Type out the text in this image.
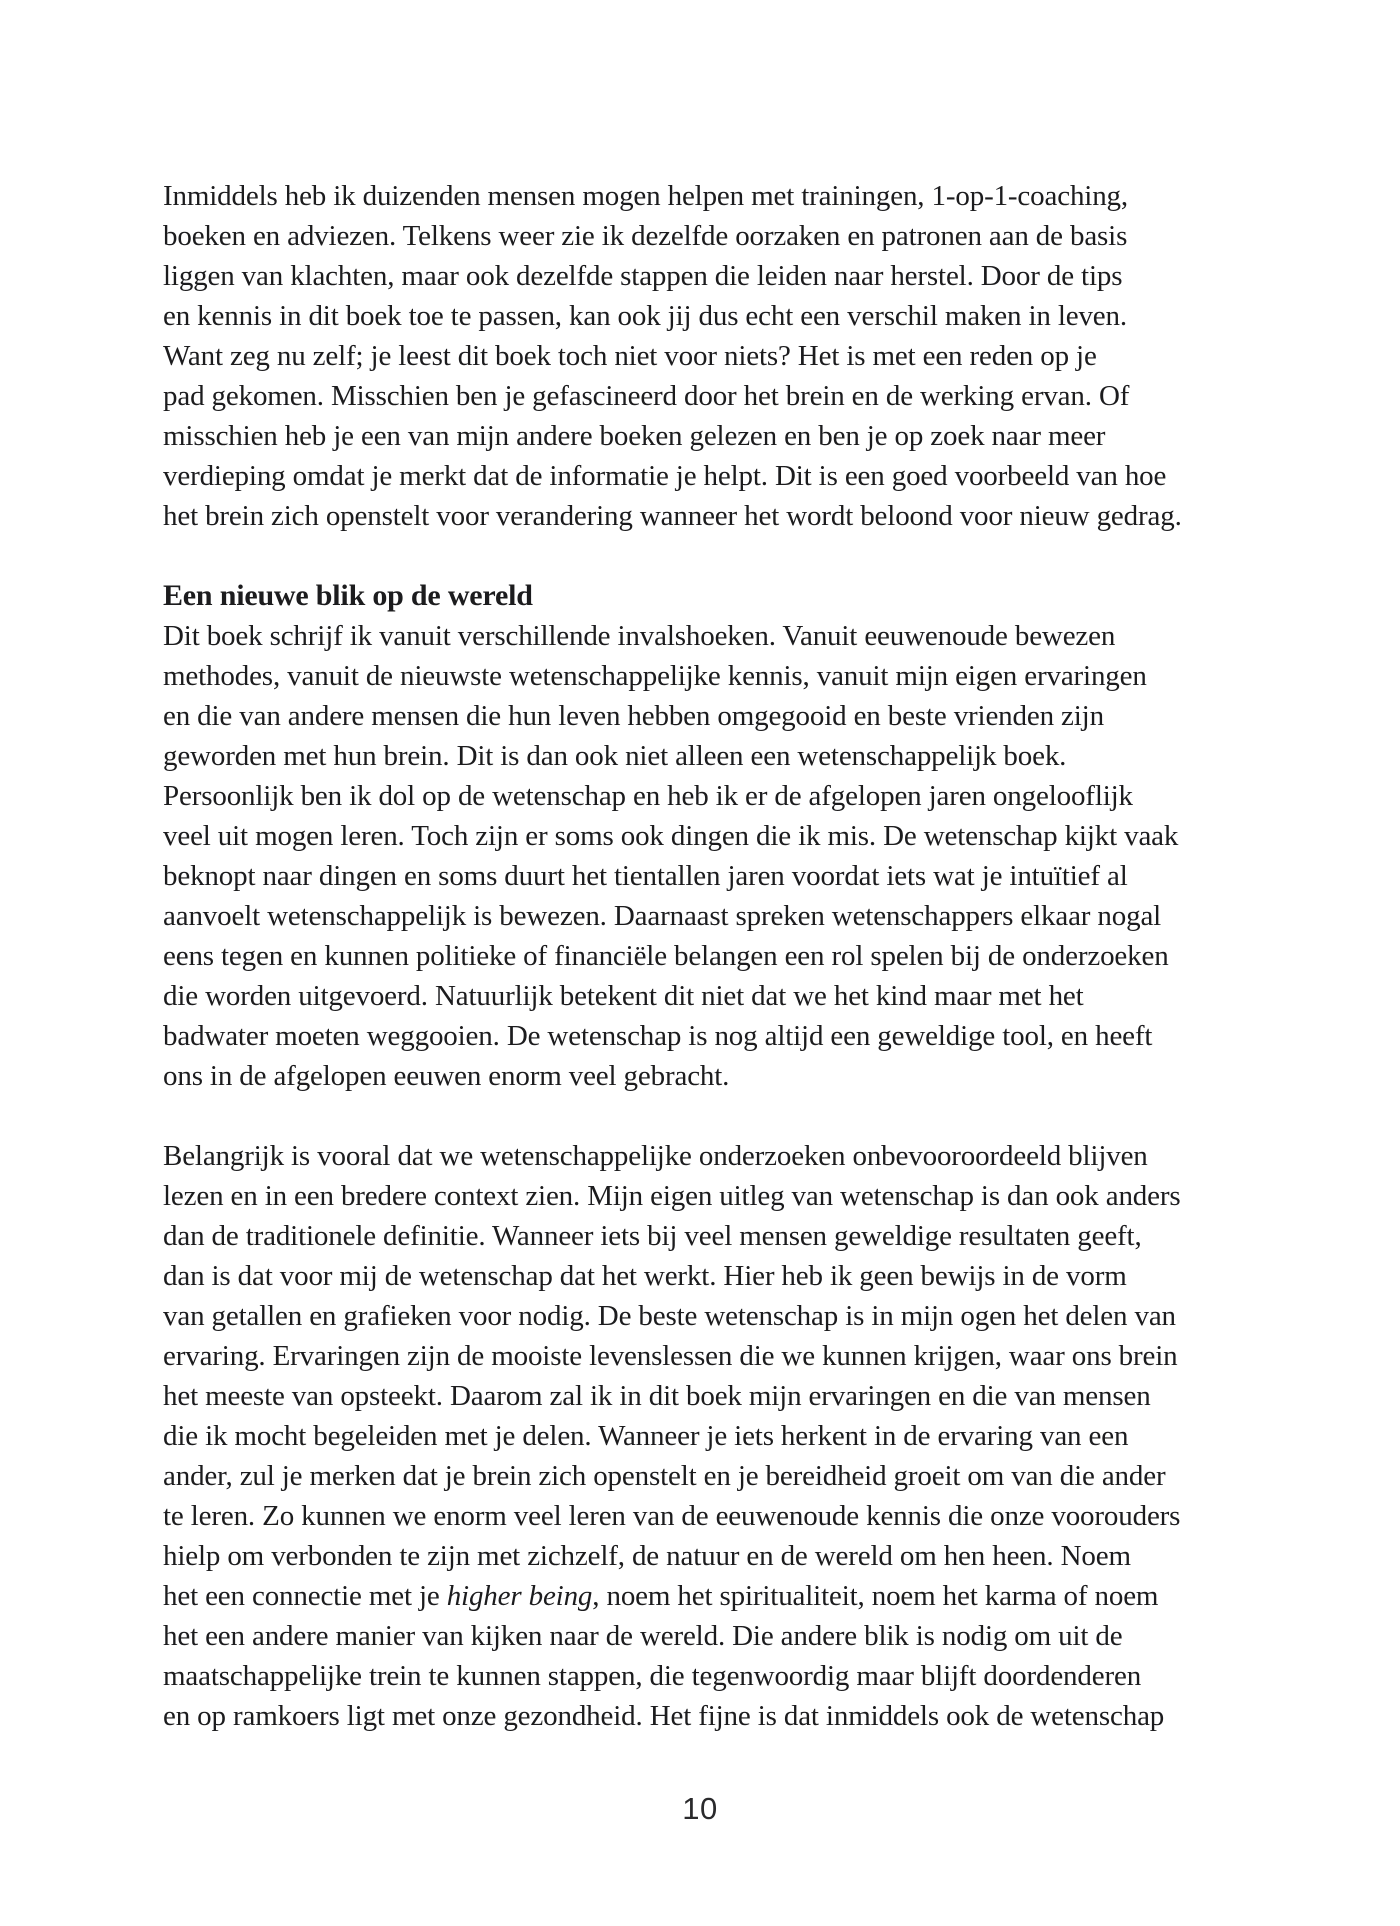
Inmiddels heb ik duizenden mensen mogen helpen met trainingen, 1-op-1-coaching,
boeken en adviezen. Telkens weer zie ik dezelfde oorzaken en patronen aan de basis
liggen van klachten, maar ook dezelfde stappen die leiden naar herstel. Door de tips
en kennis in dit boek toe te passen, kan ook jij dus echt een verschil maken in leven.
Want zeg nu zelf; je leest dit boek toch niet voor niets? Het is met een reden op je
pad gekomen. Misschien ben je gefascineerd door het brein en de werking ervan. Of
misschien heb je een van mijn andere boeken gelezen en ben je op zoek naar meer
verdieping omdat je merkt dat de informatie je helpt. Dit is een goed voorbeeld van hoe
het brein zich openstelt voor verandering wanneer het wordt beloond voor nieuw gedrag.
Een nieuwe blik op de wereld
Dit boek schrijf ik vanuit verschillende invalshoeken. Vanuit eeuwenoude bewezen
methodes, vanuit de nieuwste wetenschappelijke kennis, vanuit mijn eigen ervaringen
en die van andere mensen die hun leven hebben omgegooid en beste vrienden zijn
geworden met hun brein. Dit is dan ook niet alleen een wetenschappelijk boek.
Persoonlijk ben ik dol op de wetenschap en heb ik er de afgelopen jaren ongelooflijk
veel uit mogen leren. Toch zijn er soms ook dingen die ik mis. De wetenschap kijkt vaak
beknopt naar dingen en soms duurt het tientallen jaren voordat iets wat je intuïtief al
aanvoelt wetenschappelijk is bewezen. Daarnaast spreken wetenschappers elkaar nogal
eens tegen en kunnen politieke of financiële belangen een rol spelen bij de onderzoeken
die worden uitgevoerd. Natuurlijk betekent dit niet dat we het kind maar met het
badwater moeten weggooien. De wetenschap is nog altijd een geweldige tool, en heeft
ons in de afgelopen eeuwen enorm veel gebracht.
Belangrijk is vooral dat we wetenschappelijke onderzoeken onbevooroordeeld blijven
lezen en in een bredere context zien. Mijn eigen uitleg van wetenschap is dan ook anders
dan de traditionele definitie. Wanneer iets bij veel mensen geweldige resultaten geeft,
dan is dat voor mij de wetenschap dat het werkt. Hier heb ik geen bewijs in de vorm
van getallen en grafieken voor nodig. De beste wetenschap is in mijn ogen het delen van
ervaring. Ervaringen zijn de mooiste levenslessen die we kunnen krijgen, waar ons brein
het meeste van opsteekt. Daarom zal ik in dit boek mijn ervaringen en die van mensen
die ik mocht begeleiden met je delen. Wanneer je iets herkent in de ervaring van een
ander, zul je merken dat je brein zich openstelt en je bereidheid groeit om van die ander
te leren. Zo kunnen we enorm veel leren van de eeuwenoude kennis die onze voorouders
hielp om verbonden te zijn met zichzelf, de natuur en de wereld om hen heen. Noem
het een connectie met je higher being, noem het spiritualiteit, noem het karma of noem
het een andere manier van kijken naar de wereld. Die andere blik is nodig om uit de
maatschappelijke trein te kunnen stappen, die tegenwoordig maar blijft doordenderen
en op ramkoers ligt met onze gezondheid. Het fijne is dat inmiddels ook de wetenschap
10
